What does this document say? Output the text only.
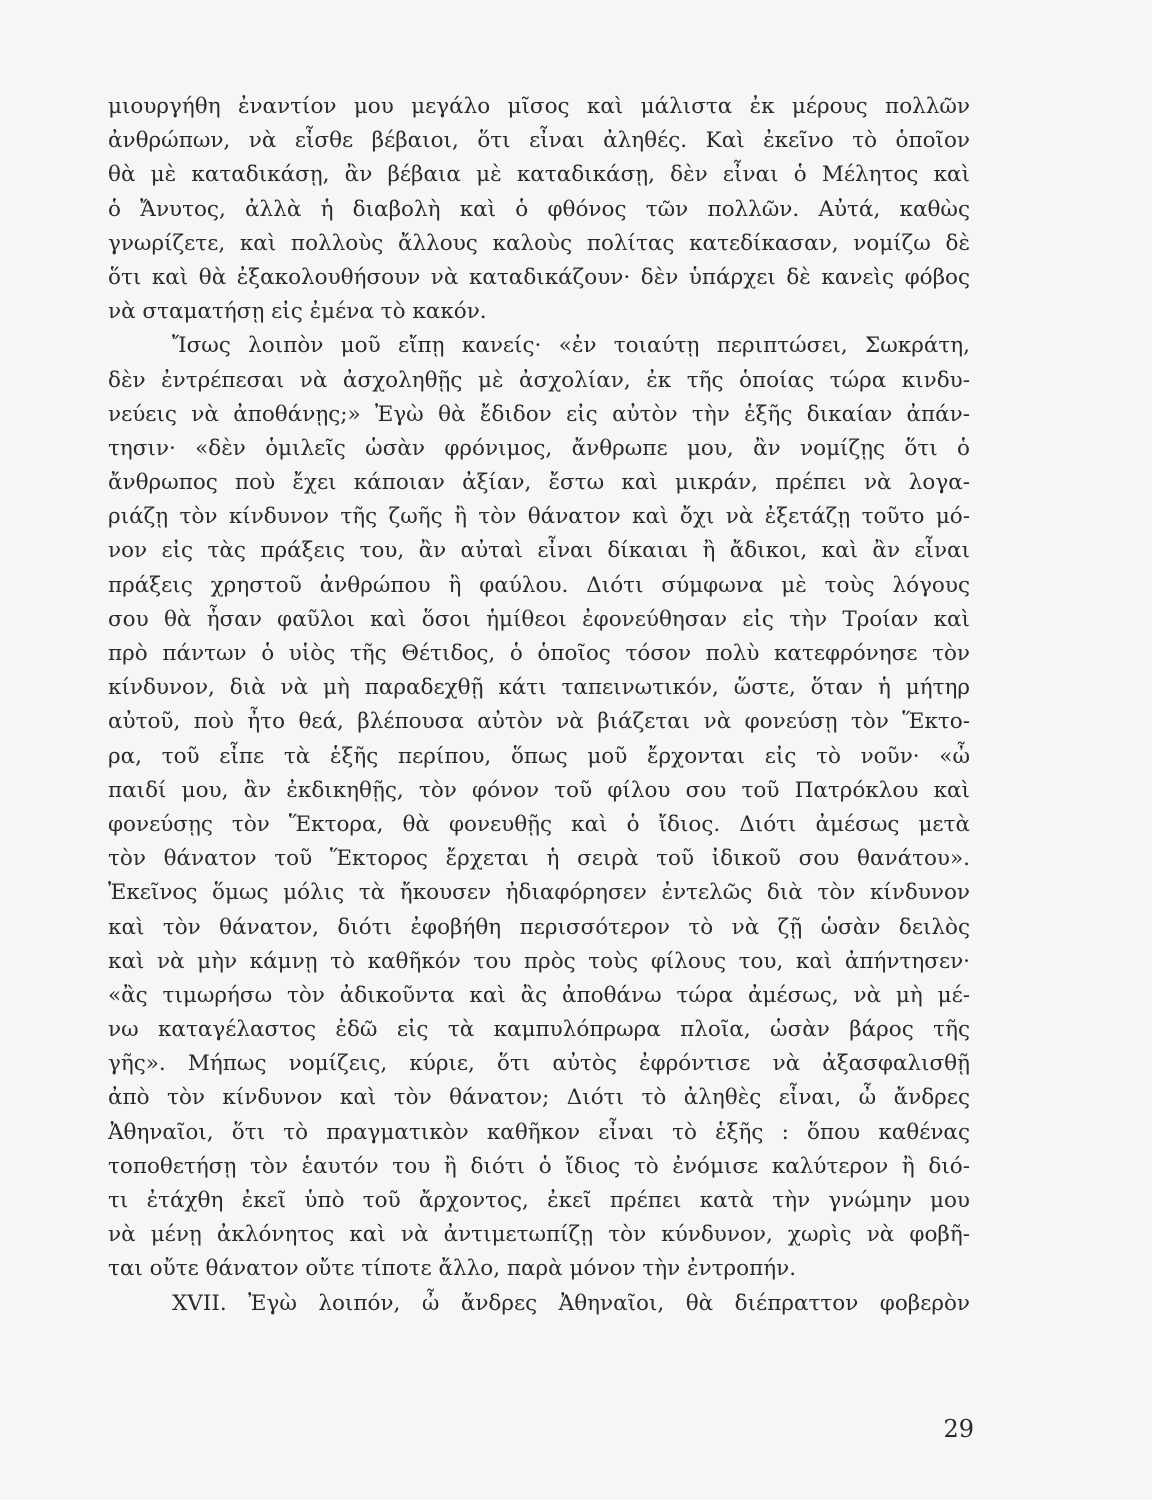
μιουργήθη ἐναντίον μου μεγάλο μῖσος καὶ μάλιστα ἐκ μέρους πολλῶν
ἀνθρώπων, νὰ εἶσθε βέβαιοι, ὅτι εἶναι ἀληθές. Καὶ ἐκεῖνο τὸ ὁποῖον
θὰ μὲ καταδικάσῃ, ἂν βέβαια μὲ καταδικάσῃ, δὲν εἶναι ὁ Μέλητος καὶ
ὁ Ἄνυτος, ἀλλὰ ἡ διαβολὴ καὶ ὁ φθόνος τῶν πολλῶν. Αὐτά, καθὼς
γνωρίζετε, καὶ πολλοὺς ἄλλους καλοὺς πολίτας κατεδίκασαν, νομίζω δὲ
ὅτι καὶ θὰ ἐξακολουθήσουν νὰ καταδικάζουν· δὲν ὑπάρχει δὲ κανεὶς φόβος
νὰ σταματήσῃ εἰς ἐμένα τὸ κακόν.
Ἴσως λοιπὸν μοῦ εἴπῃ κανείς· «ἐν τοιαύτῃ περιπτώσει, Σωκράτη,
δὲν ἐντρέπεσαι νὰ ἀσχοληθῇς μὲ ἀσχολίαν, ἐκ τῆς ὁποίας τώρα κινδυ-
νεύεις νὰ ἀποθάνῃς;» Ἐγὼ θὰ ἔδιδον εἰς αὐτὸν τὴν ἑξῆς δικαίαν ἀπάν-
τησιν· «δὲν ὁμιλεῖς ὡσὰν φρόνιμος, ἄνθρωπε μου, ἂν νομίζῃς ὅτι ὁ
ἄνθρωπος ποὺ ἔχει κάποιαν ἀξίαν, ἔστω καὶ μικράν, πρέπει νὰ λογα-
ριάζῃ τὸν κίνδυνον τῆς ζωῆς ἢ τὸν θάνατον καὶ ὄχι νὰ ἐξετάζῃ τοῦτο μό-
νον εἰς τὰς πράξεις του, ἂν αὐταὶ εἶναι δίκαιαι ἢ ἄδικοι, καὶ ἂν εἶναι
πράξεις χρηστοῦ ἀνθρώπου ἢ φαύλου. Διότι σύμφωνα μὲ τοὺς λόγους
σου θὰ ἦσαν φαῦλοι καὶ ὅσοι ἡμίθεοι ἐφονεύθησαν εἰς τὴν Τροίαν καὶ
πρὸ πάντων ὁ υἱὸς τῆς Θέτιδος, ὁ ὁποῖος τόσον πολὺ κατεφρόνησε τὸν
κίνδυνον, διὰ νὰ μὴ παραδεχθῇ κάτι ταπεινωτικόν, ὥστε, ὅταν ἡ μήτηρ
αὐτοῦ, ποὺ ἦτο θεά, βλέπουσα αὐτὸν νὰ βιάζεται νὰ φονεύσῃ τὸν Ἕκτο-
ρα, τοῦ εἶπε τὰ ἑξῆς περίπου, ὅπως μοῦ ἔρχονται εἰς τὸ νοῦν· «ὦ
παιδί μου, ἂν ἐκδικηθῇς, τὸν φόνον τοῦ φίλου σου τοῦ Πατρόκλου καὶ
φονεύσῃς τὸν Ἕκτορα, θὰ φονευθῇς καὶ ὁ ἴδιος. Διότι ἀμέσως μετὰ
τὸν θάνατον τοῦ Ἕκτορος ἔρχεται ἡ σειρὰ τοῦ ἰδικοῦ σου θανάτου».
Ἐκεῖνος ὅμως μόλις τὰ ἤκουσεν ἠδιαφόρησεν ἐντελῶς διὰ τὸν κίνδυνον
καὶ τὸν θάνατον, διότι ἐφοβήθη περισσότερον τὸ νὰ ζῇ ὡσὰν δειλὸς
καὶ νὰ μὴν κάμνῃ τὸ καθῆκόν του πρὸς τοὺς φίλους του, καὶ ἀπήντησεν·
«ἂς τιμωρήσω τὸν ἀδικοῦντα καὶ ἂς ἀποθάνω τώρα ἀμέσως, νὰ μὴ μέ-
νω καταγέλαστος ἐδῶ εἰς τὰ καμπυλόπρωρα πλοῖα, ὡσὰν βάρος τῆς
γῆς». Μήπως νομίζεις, κύριε, ὅτι αὐτὸς ἐφρόντισε νὰ ἀξασφαλισθῇ
ἀπὸ τὸν κίνδυνον καὶ τὸν θάνατον; Διότι τὸ ἀληθὲς εἶναι, ὦ ἄνδρες
Ἀθηναῖοι, ὅτι τὸ πραγματικὸν καθῆκον εἶναι τὸ ἑξῆς : ὅπου καθένας
τοποθετήσῃ τὸν ἑαυτόν του ἢ διότι ὁ ἴδιος τὸ ἐνόμισε καλύτερον ἢ διό-
τι ἐτάχθη ἐκεῖ ὑπὸ τοῦ ἄρχοντος, ἐκεῖ πρέπει κατὰ τὴν γνώμην μου
νὰ μένῃ ἀκλόνητος καὶ νὰ ἀντιμετωπίζῃ τὸν κύνδυνον, χωρὶς νὰ φοβῆ-
ται οὔτε θάνατον οὔτε τίποτε ἄλλο, παρὰ μόνον τὴν ἐντροπήν.
XVII. Ἐγὼ λοιπόν, ὦ ἄνδρες Ἀθηναῖοι, θὰ διέπραττον φοβερὸν
29
